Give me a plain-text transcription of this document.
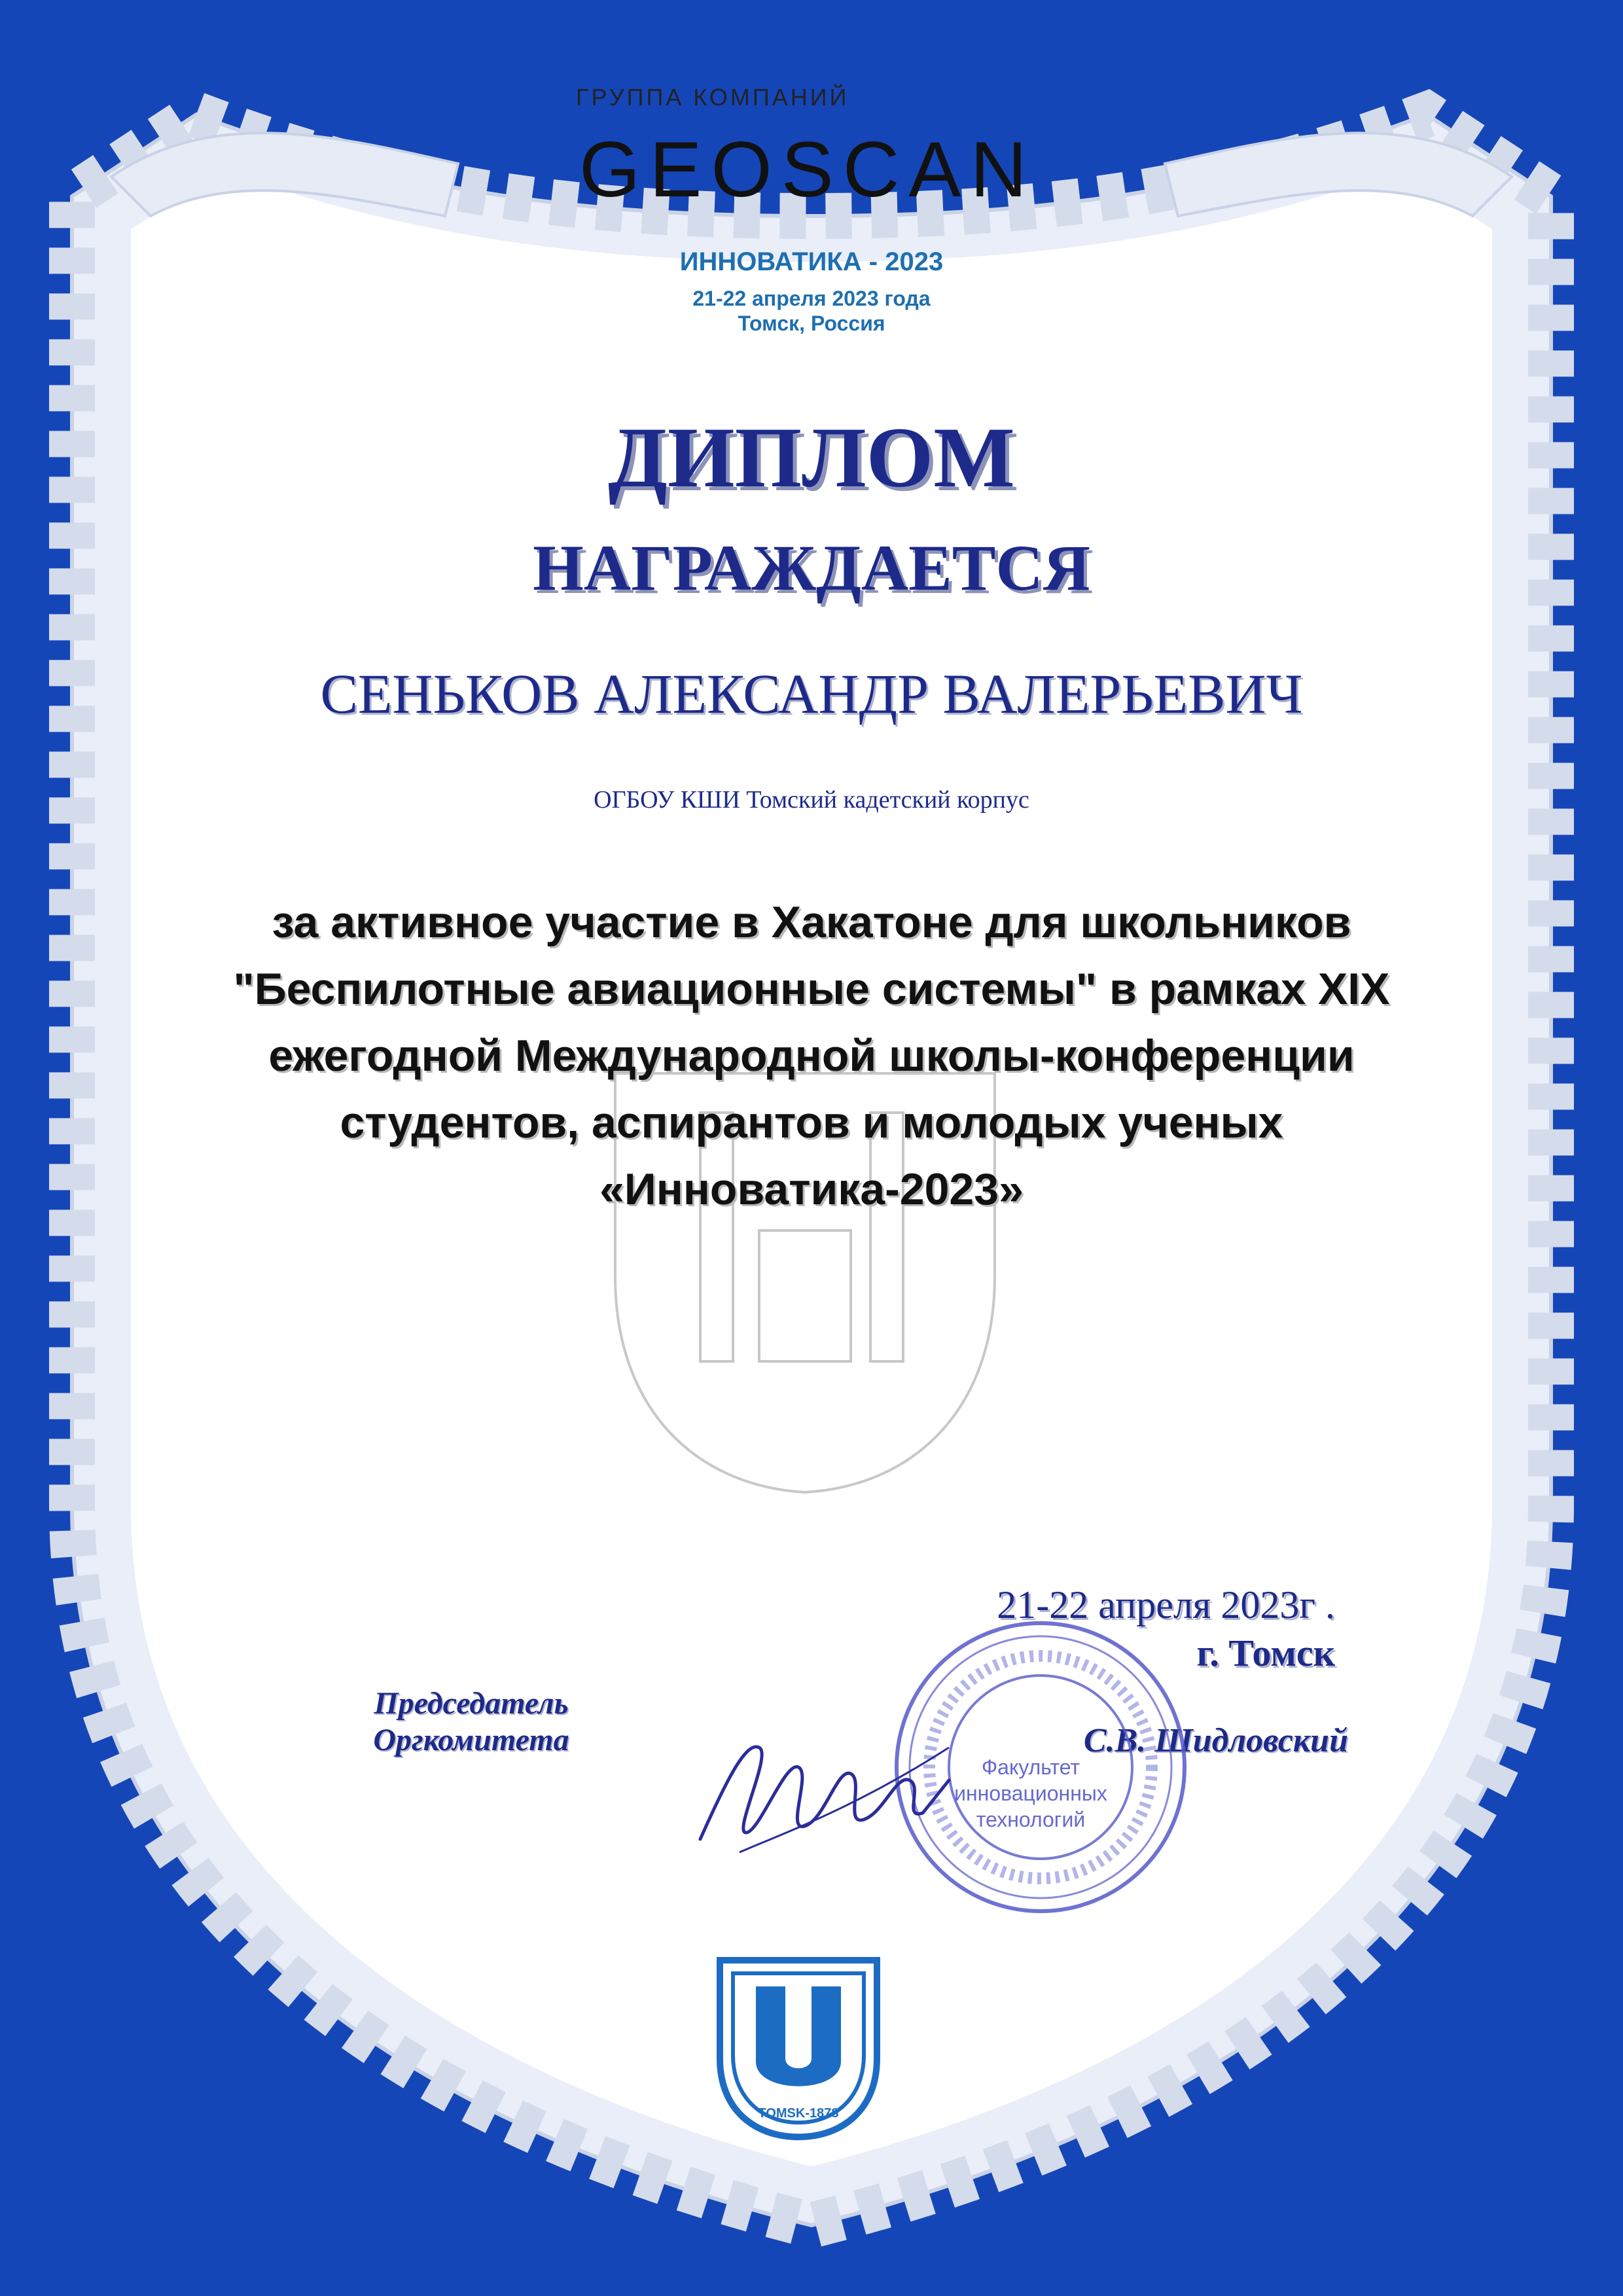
ГРУППА КОМПАНИЙ
GEOSCAN
ИННОВАТИКА - 2023
21-22 апреля 2023 года
Томск, Россия
ДИПЛОМ
НАГРАЖДАЕТСЯ
СЕНЬКОВ АЛЕКСАНДР ВАЛЕРЬЕВИЧ
ОГБОУ КШИ Томский кадетский корпус
за активное участие в Хакатоне для школьников
"Беспилотные авиационные системы" в рамках XIX
ежегодной Международной школы-конференции
студентов, аспирантов и молодых ученых
«Инноватика-2023»
21-22 апреля 2023г .
г. Томск
Председатель
Оргкомитета	С.В. Шидловский
Факультет
инновационных
технологий
TOMSK-1878
